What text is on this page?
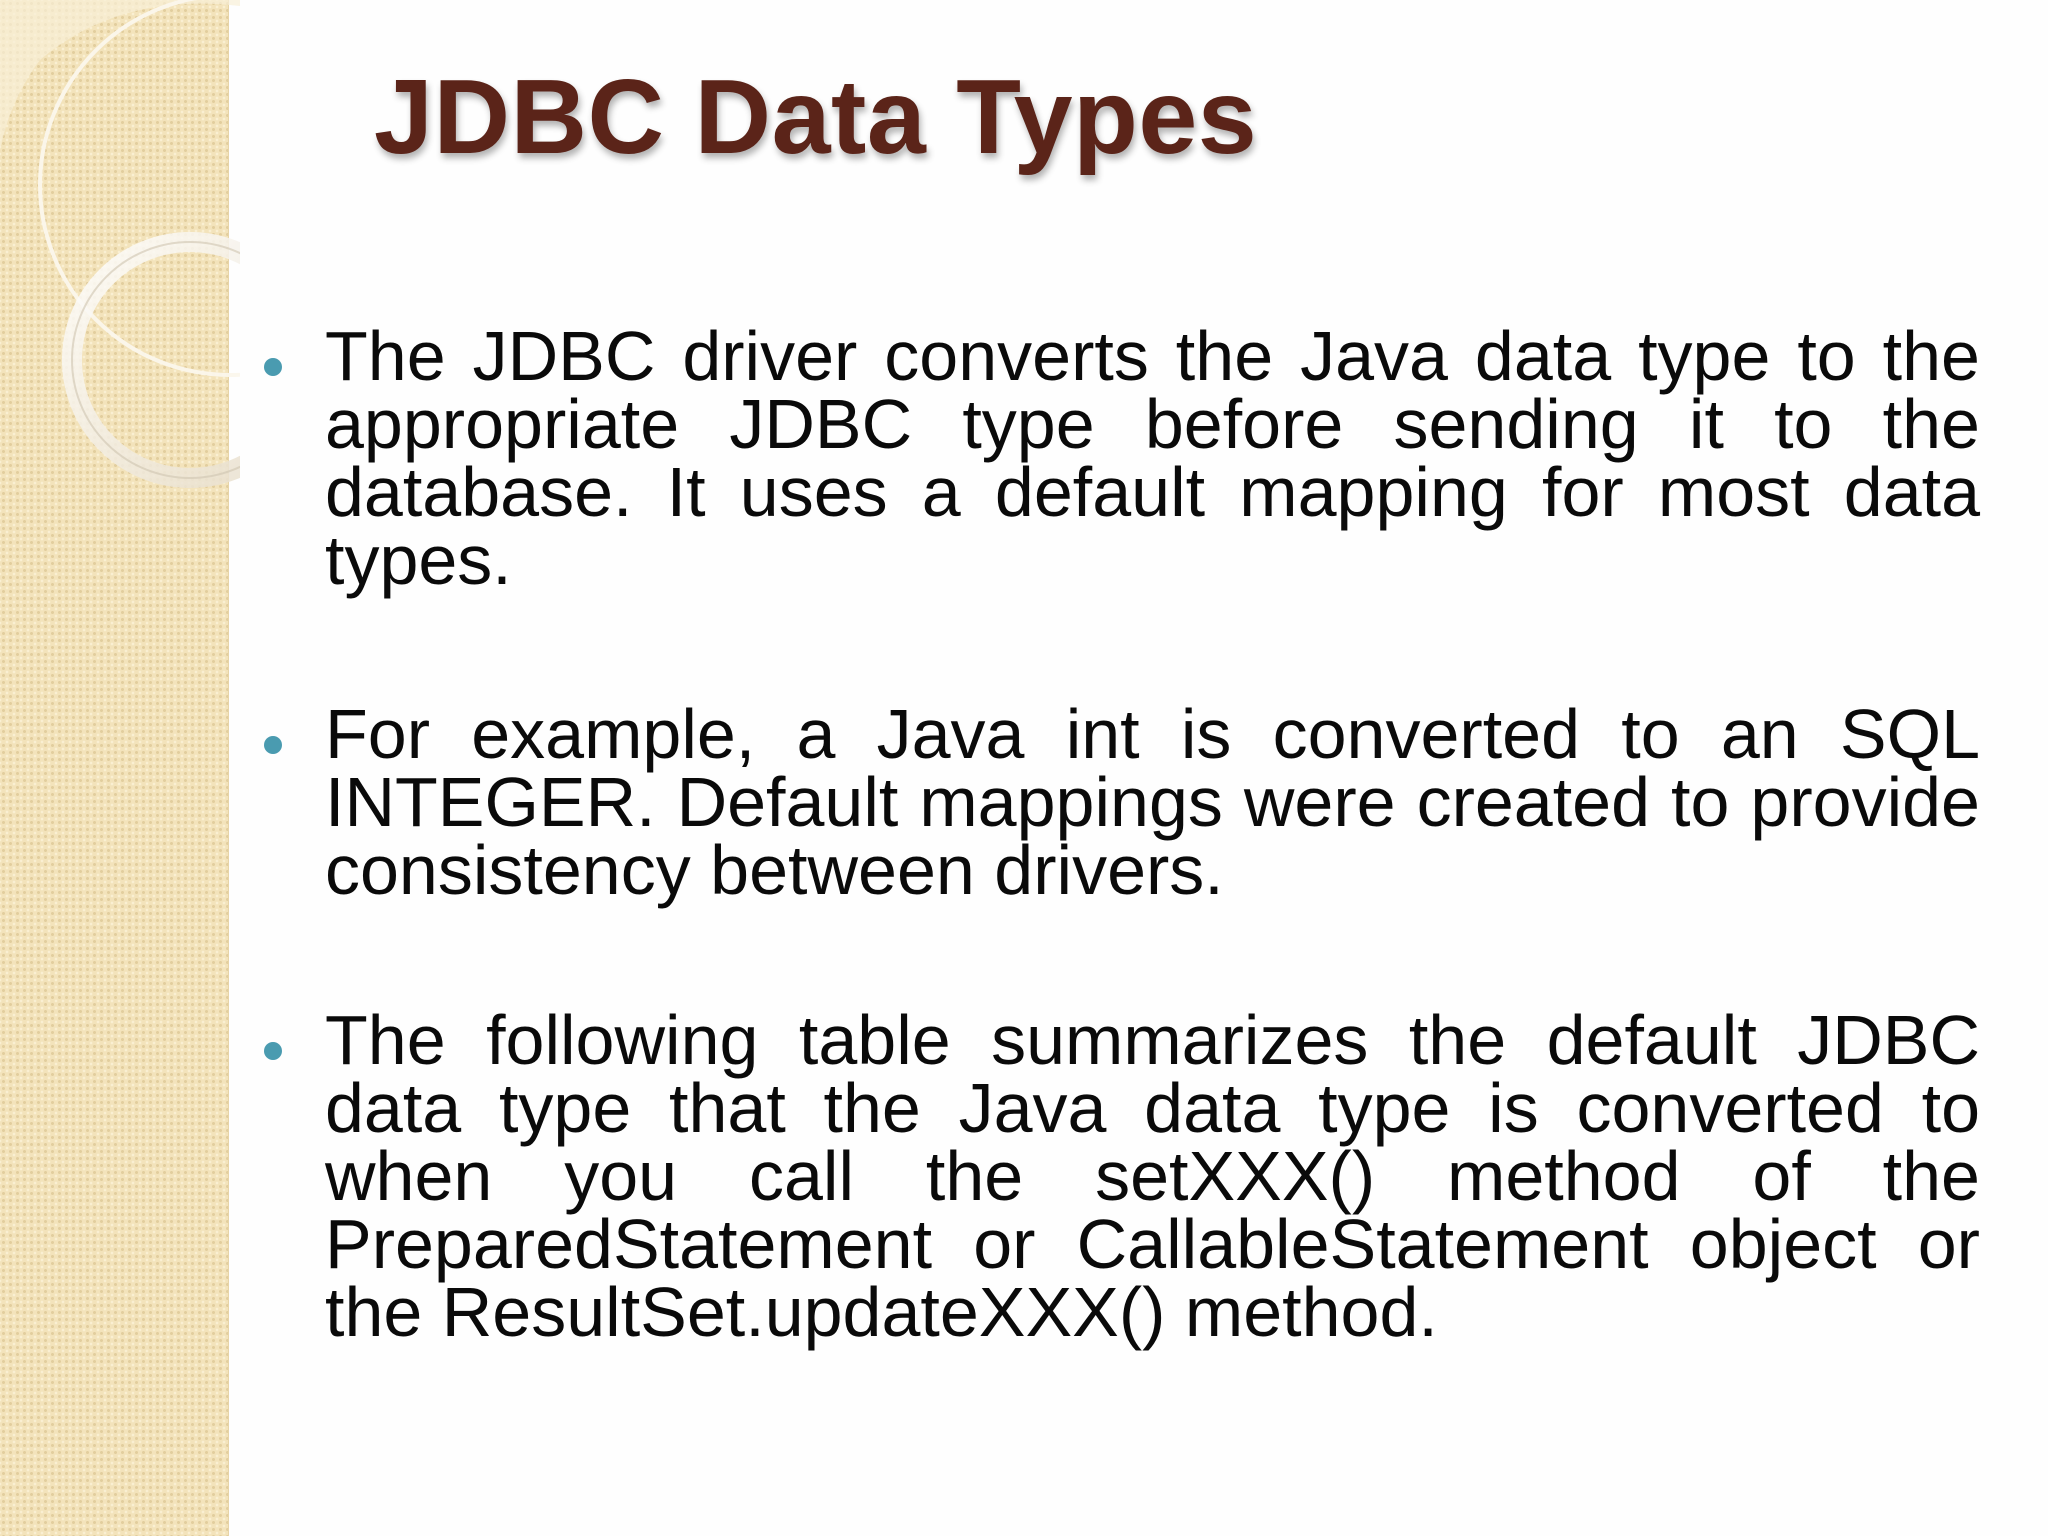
JDBC Data Types

The JDBC driver converts the Java data type to the appropriate JDBC type before sending it to the database. It uses a default mapping for most data types.

For example, a Java int is converted to an SQL INTEGER. Default mappings were created to provide consistency between drivers.

The following table summarizes the default JDBC data type that the Java data type is converted to when you call the setXXX() method of the PreparedStatement or CallableStatement object or the ResultSet.updateXXX() method.
